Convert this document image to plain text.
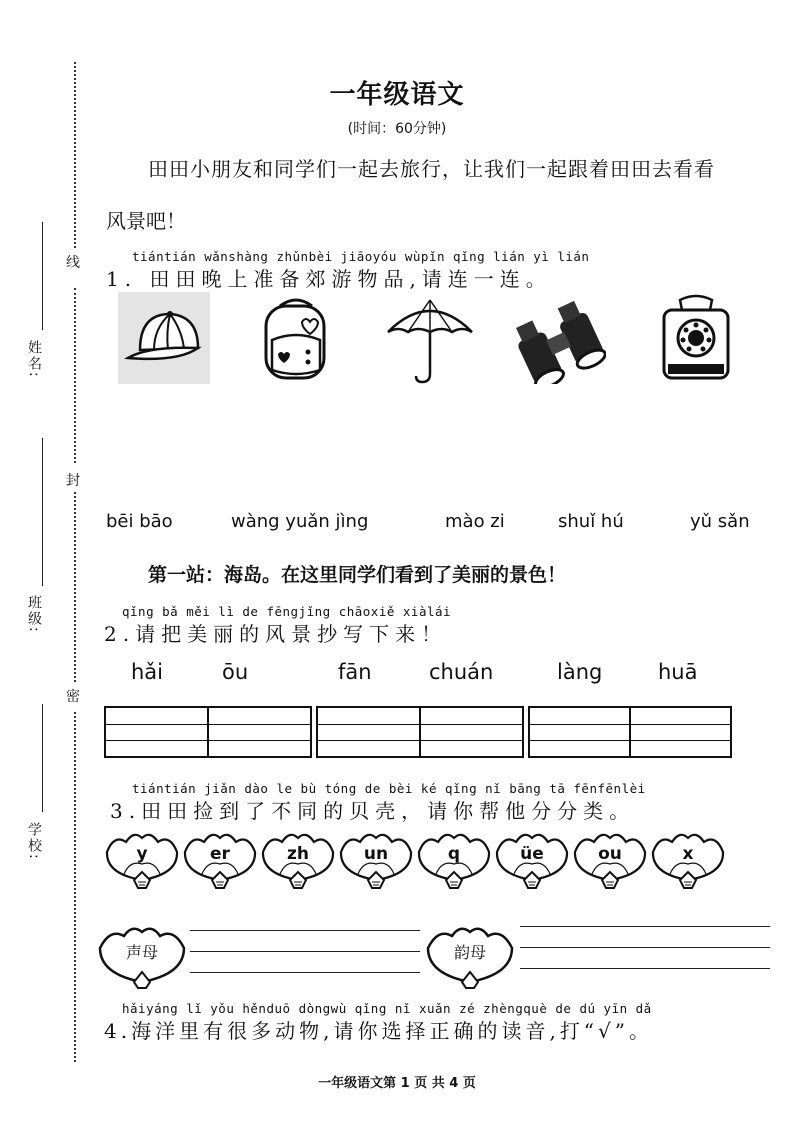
线
封
密
姓名:
班级:
学校:
一年级语文
(时间：60分钟)
田田小朋友和同学们一起去旅行，让我们一起跟着田田去看看
风景吧！
tiántián wǎnshàng zhǔnbèi jiāoyóu wùpǐn qǐng lián yì lián
1. 田田晚上准备郊游物品,请连一连。
bēi bāo	wàng yuǎn jìng	mào zi	shuǐ hú	yǔ sǎn
第一站：海岛。在这里同学们看到了美丽的景色！
qǐng bǎ měi lì de fēngjǐng chāoxiě xiàlái
2.请把美丽的风景抄写下来！
hǎi	ōu	fān	chuán	làng	huā
tiántián jiǎn dào le bù tóng de bèi ké qǐng nǐ bāng tā fēnfēnlèi
3.田田捡到了不同的贝壳，请你帮他分分类。
y	er	zh	un	q	üe	ou	x
声母	韵母
hǎiyáng lǐ yǒu hěnduō dòngwù qǐng nǐ xuǎn zé zhèngquè de dú yīn dǎ
4.海洋里有很多动物,请你选择正确的读音,打“√”。
一年级语文第 1 页 共 4 页
